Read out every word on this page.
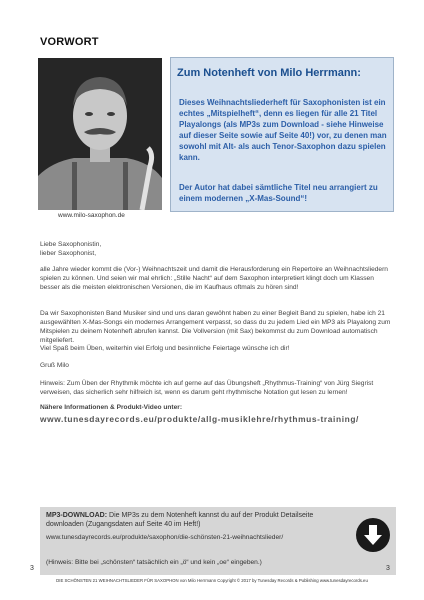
VORWORT
www.milo-saxophon.de
Zum Notenheft von Milo Herrmann:
Dieses Weihnachtsliederheft für Saxophonisten ist ein echtes „Mitspielheft“, denn es liegen für alle 21 Titel Playalongs (als MP3s zum Download - siehe Hinweise auf dieser Seite sowie auf Seite 40!) vor, zu denen man sowohl mit Alt- als auch Tenor-Saxophon dazu spielen kann.
Der Autor hat dabei sämtliche Titel neu arrangiert zu einem modernen „X-Mas-Sound“!
Liebe Saxophonistin,
lieber Saxophonist,
alle Jahre wieder kommt die (Vor-) Weihnachtszeit und damit die Herausforderung ein Repertoire an Weihnachtsliedern spielen zu können. Und seien wir mal ehrlich: „Stille Nacht“ auf dem Saxophon interpretiert klingt doch um Klassen besser als die meisten elektronischen Versionen, die im Kaufhaus oftmals zu hören sind!
Da wir Saxophonisten Band Musiker sind und uns daran gewöhnt haben zu einer Begleit Band zu spielen, habe ich 21 ausgewählten X-Mas-Songs ein modernes Arrangement verpasst, so dass du zu jedem Lied ein MP3 als Playalong zum Mitspielen zu deinem Notenheft abrufen kannst. Die Vollversion (mit Sax) bekommst du zum Download automatisch mitgeliefert.
Viel Spaß beim Üben, weiterhin viel Erfolg und besinnliche Feiertage wünsche ich dir!
Gruß Milo
Hinweis: Zum Üben der Rhythmik möchte ich auf gerne auf das Übungsheft „Rhythmus-Training“ von Jürg Siegrist verweisen, das sicherlich sehr hilfreich ist, wenn es darum geht rhythmische Notation gut lesen zu lernen!
Nähere Informationen & Produkt-Video unter:
www.tunesdayrecords.eu/produkte/allg-musiklehre/rhythmus-training/
MP3-DOWNLOAD: Die MP3s zu dem Notenheft kannst du auf der Produkt Detailseite downloaden (Zugangsdaten auf Seite 40 im Heft!)
www.tunesdayrecords.eu/produkte/saxophon/die-schönsten-21-weihnachtslieder/
(Hinweis: Bitte bei „schönsten“ tatsächlich ein „ö“ und kein „oe“ eingeben.)
3	3
DIE SCHÖNSTEN 21 WEIHNACHTSLIEDER FÜR SAXOPHON von Milo Herrmann Copyright © 2017 by Tunesday Records & Publishing www.tunesdayrecords.eu
